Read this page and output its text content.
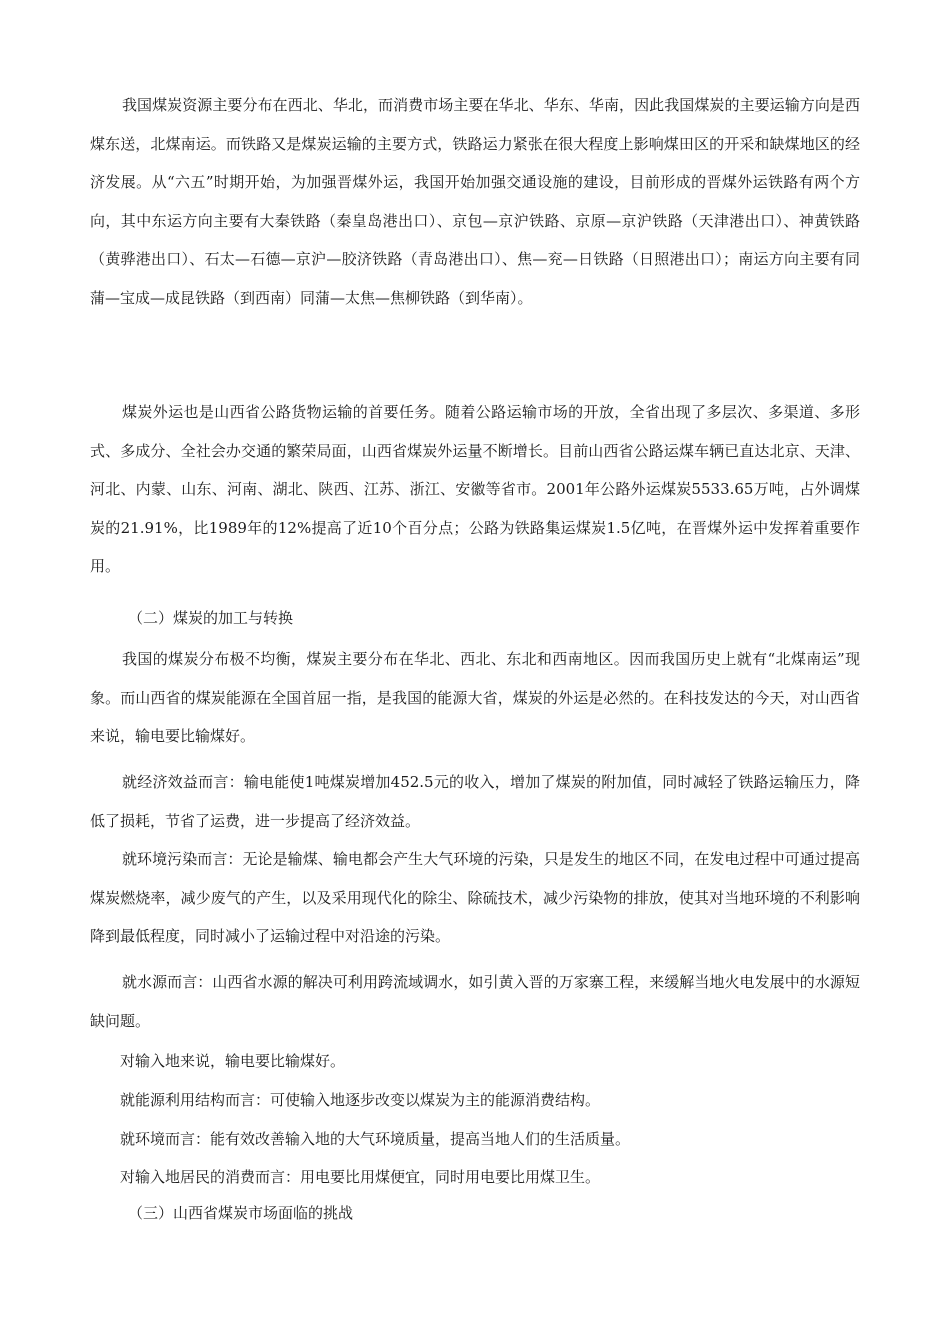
我国煤炭资源主要分布在西北、华北，而消费市场主要在华北、华东、华南，因此我国煤炭的主要运输方向是西煤东送，北煤南运。而铁路又是煤炭运输的主要方式，铁路运力紧张在很大程度上影响煤田区的开采和缺煤地区的经济发展。从“六五”时期开始，为加强晋煤外运，我国开始加强交通设施的建设，目前形成的晋煤外运铁路有两个方向，其中东运方向主要有大秦铁路（秦皇岛港出口）、京包—京沪铁路、京原—京沪铁路（天津港出口）、神黄铁路（黄骅港出口）、石太—石德—京沪—胶济铁路（青岛港出口）、焦—兖—日铁路（日照港出口）；南运方向主要有同蒲—宝成—成昆铁路（到西南）同蒲—太焦—焦柳铁路（到华南）。

煤炭外运也是山西省公路货物运输的首要任务。随着公路运输市场的开放，全省出现了多层次、多渠道、多形式、多成分、全社会办交通的繁荣局面，山西省煤炭外运量不断增长。目前山西省公路运煤车辆已直达北京、天津、河北、内蒙、山东、河南、湖北、陕西、江苏、浙江、安徽等省市。2001年公路外运煤炭5533.65万吨，占外调煤炭的21.91%，比1989年的12%提高了近10个百分点；公路为铁路集运煤炭1.5亿吨，在晋煤外运中发挥着重要作用。

（二）煤炭的加工与转换

我国的煤炭分布极不均衡，煤炭主要分布在华北、西北、东北和西南地区。因而我国历史上就有“北煤南运”现象。而山西省的煤炭能源在全国首屈一指，是我国的能源大省，煤炭的外运是必然的。在科技发达的今天，对山西省来说，输电要比输煤好。

就经济效益而言：输电能使1吨煤炭增加452.5元的收入，增加了煤炭的附加值，同时减轻了铁路运输压力，降低了损耗，节省了运费，进一步提高了经济效益。

就环境污染而言：无论是输煤、输电都会产生大气环境的污染，只是发生的地区不同，在发电过程中可通过提高煤炭燃烧率，减少废气的产生，以及采用现代化的除尘、除硫技术，减少污染物的排放，使其对当地环境的不利影响降到最低程度，同时减小了运输过程中对沿途的污染。

就水源而言：山西省水源的解决可利用跨流域调水，如引黄入晋的万家寨工程，来缓解当地火电发展中的水源短缺问题。

对输入地来说，输电要比输煤好。

就能源利用结构而言：可使输入地逐步改变以煤炭为主的能源消费结构。

就环境而言：能有效改善输入地的大气环境质量，提高当地人们的生活质量。

对输入地居民的消费而言：用电要比用煤便宜，同时用电要比用煤卫生。

（三）山西省煤炭市场面临的挑战
